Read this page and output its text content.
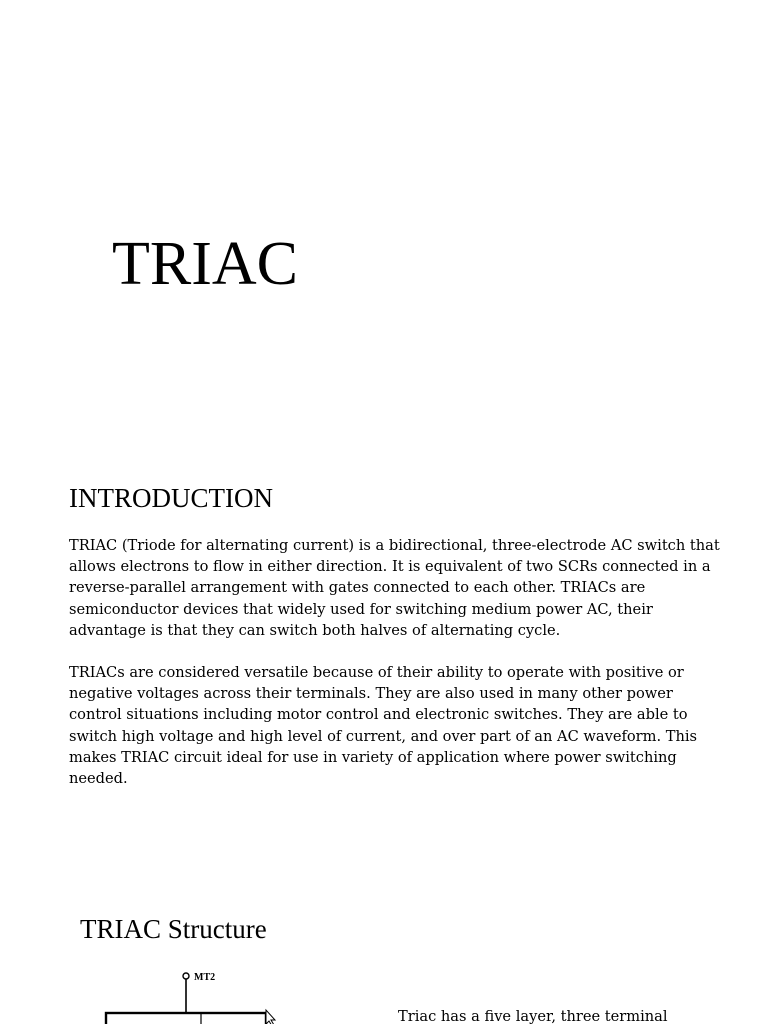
TRIAC
INTRODUCTION

TRIAC (Triode for alternating current) is a bidirectional, three-electrode AC switch that allows electrons to flow in either direction. It is equivalent of two SCRs connected in a reverse-parallel arrangement with gates connected to each other. TRIACs are semiconductor devices that widely used for switching medium power AC, their advantage is that they can switch both halves of alternating cycle.

TRIACs are considered versatile because of their ability to operate with positive or negative voltages across their terminals. They are also used in many other power control situations including motor control and electronic switches. They are able to switch high voltage and high level of current, and over part of an AC waveform. This makes TRIAC circuit ideal for use in variety of application where power switching needed.

TRIAC Structure
MT2

Triac has a five layer, three terminal
